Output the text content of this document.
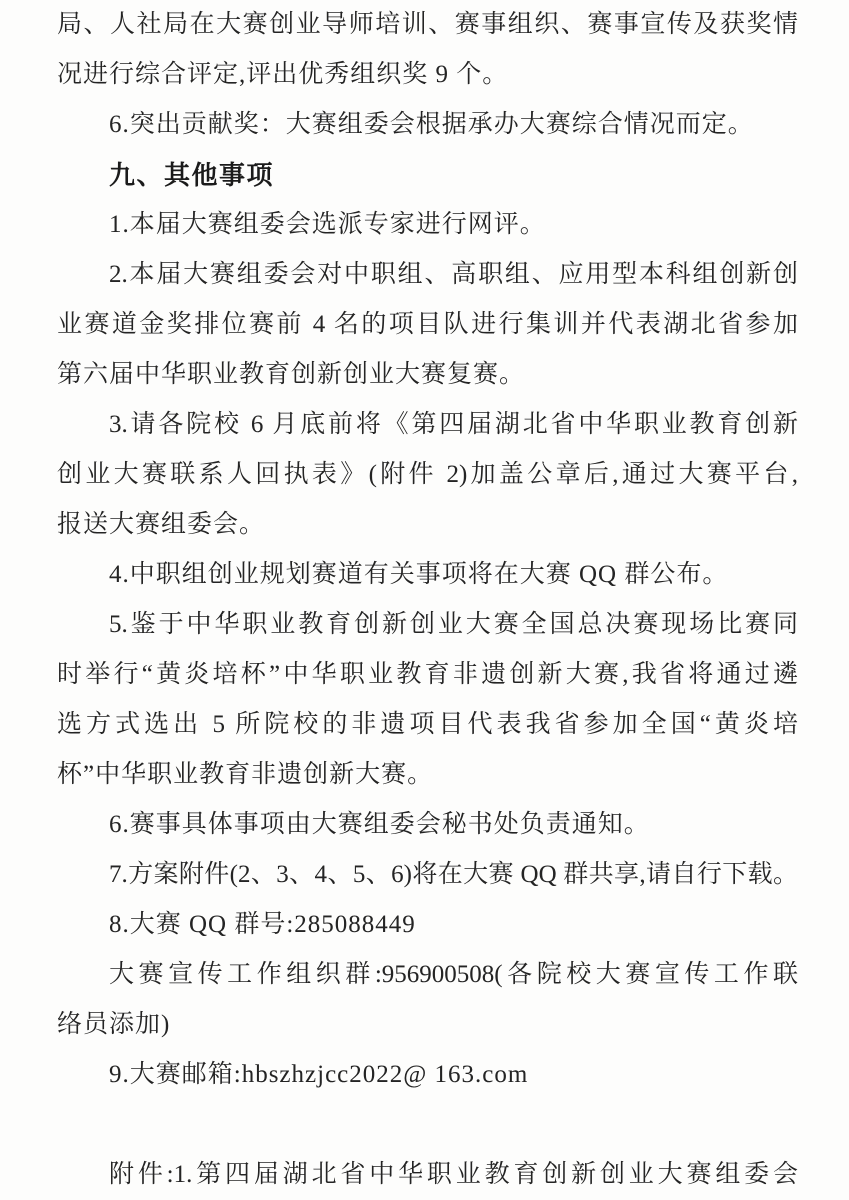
局、人社局在大赛创业导师培训、赛事组织、赛事宣传及获奖情
况进行综合评定,评出优秀组织奖 9 个。
6.突出贡献奖：大赛组委会根据承办大赛综合情况而定。
九、其他事项
1.本届大赛组委会选派专家进行网评。
2.本届大赛组委会对中职组、高职组、应用型本科组创新创
业赛道金奖排位赛前 4 名的项目队进行集训并代表湖北省参加
第六届中华职业教育创新创业大赛复赛。
3.请各院校 6 月底前将《第四届湖北省中华职业教育创新
创业大赛联系人回执表》(附件 2)加盖公章后,通过大赛平台,
报送大赛组委会。
4.中职组创业规划赛道有关事项将在大赛 QQ 群公布。
5.鉴于中华职业教育创新创业大赛全国总决赛现场比赛同
时举行“黄炎培杯”中华职业教育非遗创新大赛,我省将通过遴
选方式选出 5 所院校的非遗项目代表我省参加全国“黄炎培
杯”中华职业教育非遗创新大赛。
6.赛事具体事项由大赛组委会秘书处负责通知。
7.方案附件(2、3、4、5、6)将在大赛 QQ 群共享,请自行下载。
8.大赛 QQ 群号:285088449
大赛宣传工作组织群:956900508(各院校大赛宣传工作联
络员添加)
9.大赛邮箱:hbszhzjcc2022@ 163.com
附件:1.第四届湖北省中华职业教育创新创业大赛组委会
